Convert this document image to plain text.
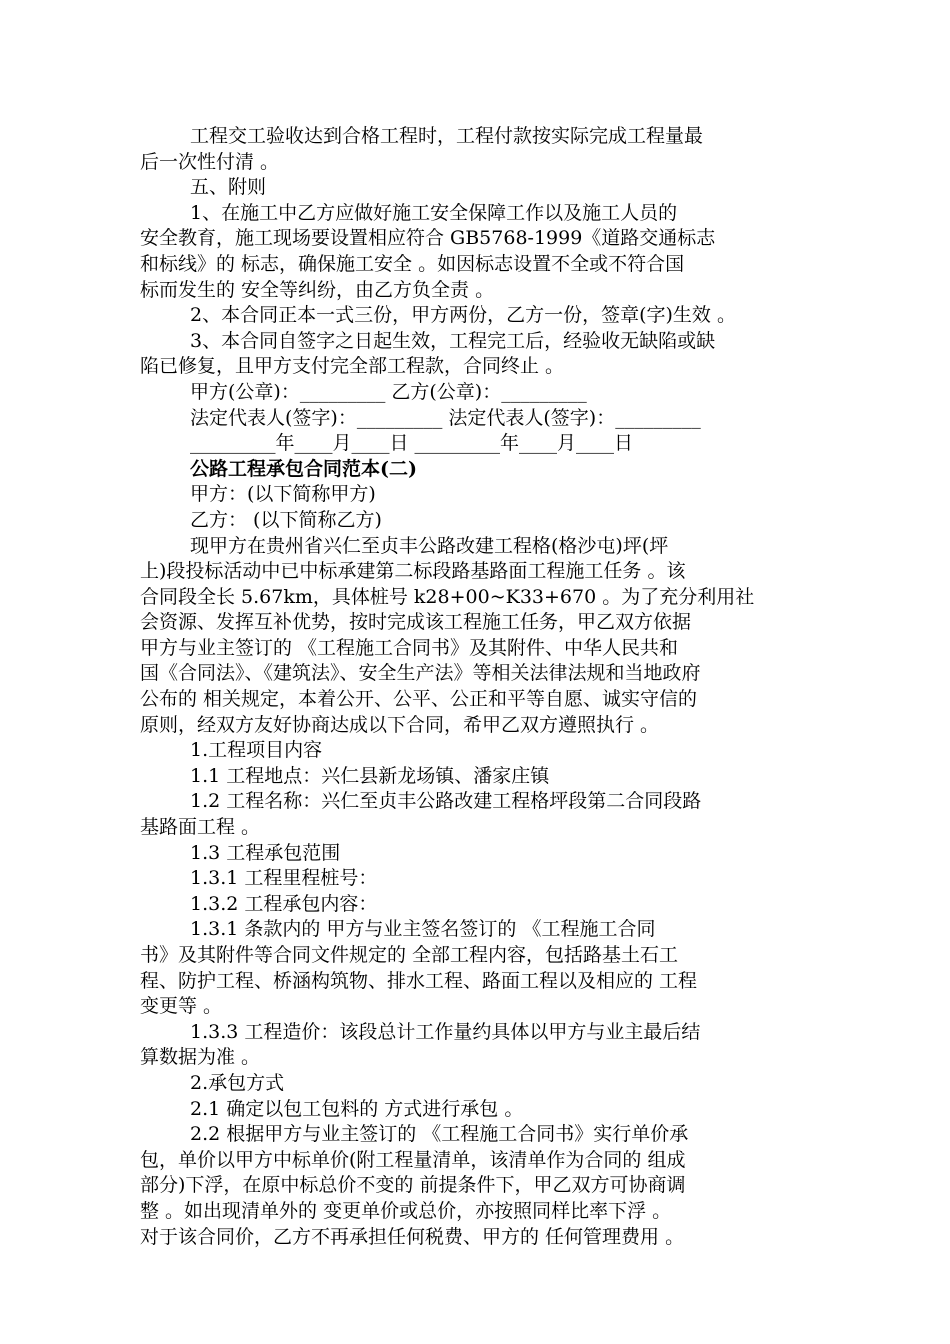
工程交工验收达到合格工程时，工程付款按实际完成工程量最
后一次性付清 。
五、附则
1、在施工中乙方应做好施工安全保障工作以及施工人员的
安全教育，施工现场要设置相应符合 GB5768-1999《道路交通标志
和标线》的 标志，确保施工安全 。如因标志设置不全或不符合国
标而发生的 安全等纠纷，由乙方负全责 。
2、本合同正本一式三份，甲方两份，乙方一份，签章(字)生效 。
3、本合同自签字之日起生效，工程完工后，经验收无缺陷或缺
陷已修复，且甲方支付完全部工程款，合同终止 。
甲方(公章)：_________ 乙方(公章)：_________
法定代表人(签字)：_________ 法定代表人(签字)：_________
_________年____月____日 _________年____月____日
公路工程承包合同范本(二)
甲方：(以下简称甲方)
乙方： (以下简称乙方)
现甲方在贵州省兴仁至贞丰公路改建工程格(格沙屯)坪(坪
上)段投标活动中已中标承建第二标段路基路面工程施工任务 。该
合同段全长 5.67km，具体桩号 k28+00~K33+670 。为了充分利用社
会资源、发挥互补优势，按时完成该工程施工任务，甲乙双方依据
甲方与业主签订的 《工程施工合同书》及其附件、中华人民共和
国《合同法》、《建筑法》、安全生产法》等相关法律法规和当地政府
公布的 相关规定，本着公开、公平、公正和平等自愿、诚实守信的
原则，经双方友好协商达成以下合同，希甲乙双方遵照执行 。
1.工程项目内容
1.1 工程地点：兴仁县新龙场镇、潘家庄镇
1.2 工程名称：兴仁至贞丰公路改建工程格坪段第二合同段路
基路面工程 。
1.3 工程承包范围
1.3.1 工程里程桩号：
1.3.2 工程承包内容：
1.3.1 条款内的 甲方与业主签名签订的 《工程施工合同
书》及其附件等合同文件规定的 全部工程内容，包括路基土石工
程、防护工程、桥涵构筑物、排水工程、路面工程以及相应的 工程
变更等 。
1.3.3 工程造价：该段总计工作量约具体以甲方与业主最后结
算数据为准 。
2.承包方式
2.1 确定以包工包料的 方式进行承包 。
2.2 根据甲方与业主签订的 《工程施工合同书》实行单价承
包，单价以甲方中标单价(附工程量清单，该清单作为合同的 组成
部分)下浮，在原中标总价不变的 前提条件下，甲乙双方可协商调
整 。如出现清单外的 变更单价或总价，亦按照同样比率下浮 。
对于该合同价，乙方不再承担任何税费、甲方的 任何管理费用 。
